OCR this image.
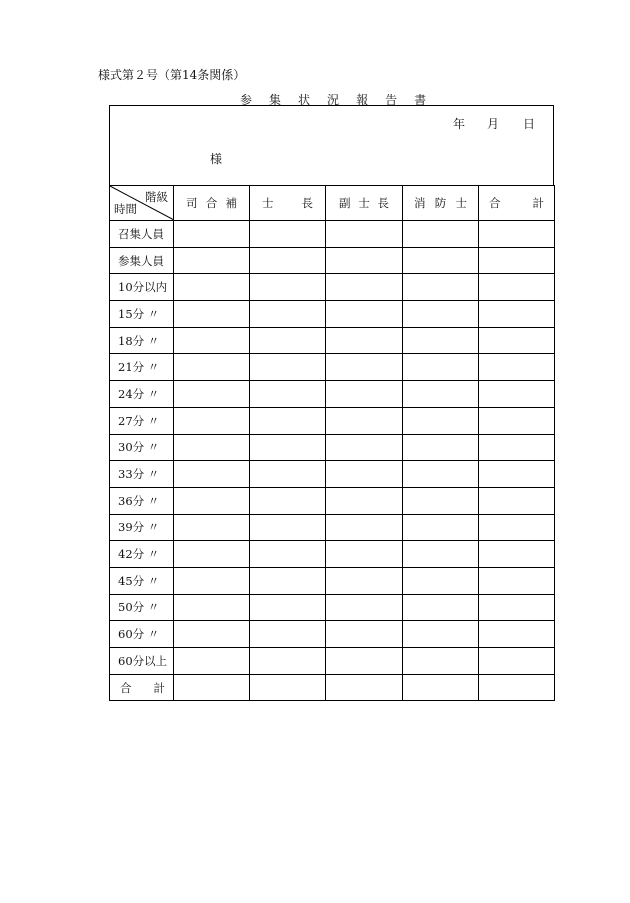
様式第２号（第14条関係）
参 集 状 況 報 告 書
年 月 日
様
階級
時間	司 合 補	士 長	副 士 長	消 防 士	合 計

召集人員					
参集人員					
10分以内					
15分 〃					
18分 〃					
21分 〃					
24分 〃					
27分 〃					
30分 〃					
33分 〃					
36分 〃					
39分 〃					
42分 〃					
45分 〃					
50分 〃					
60分 〃					
60分以上					

合 計					
